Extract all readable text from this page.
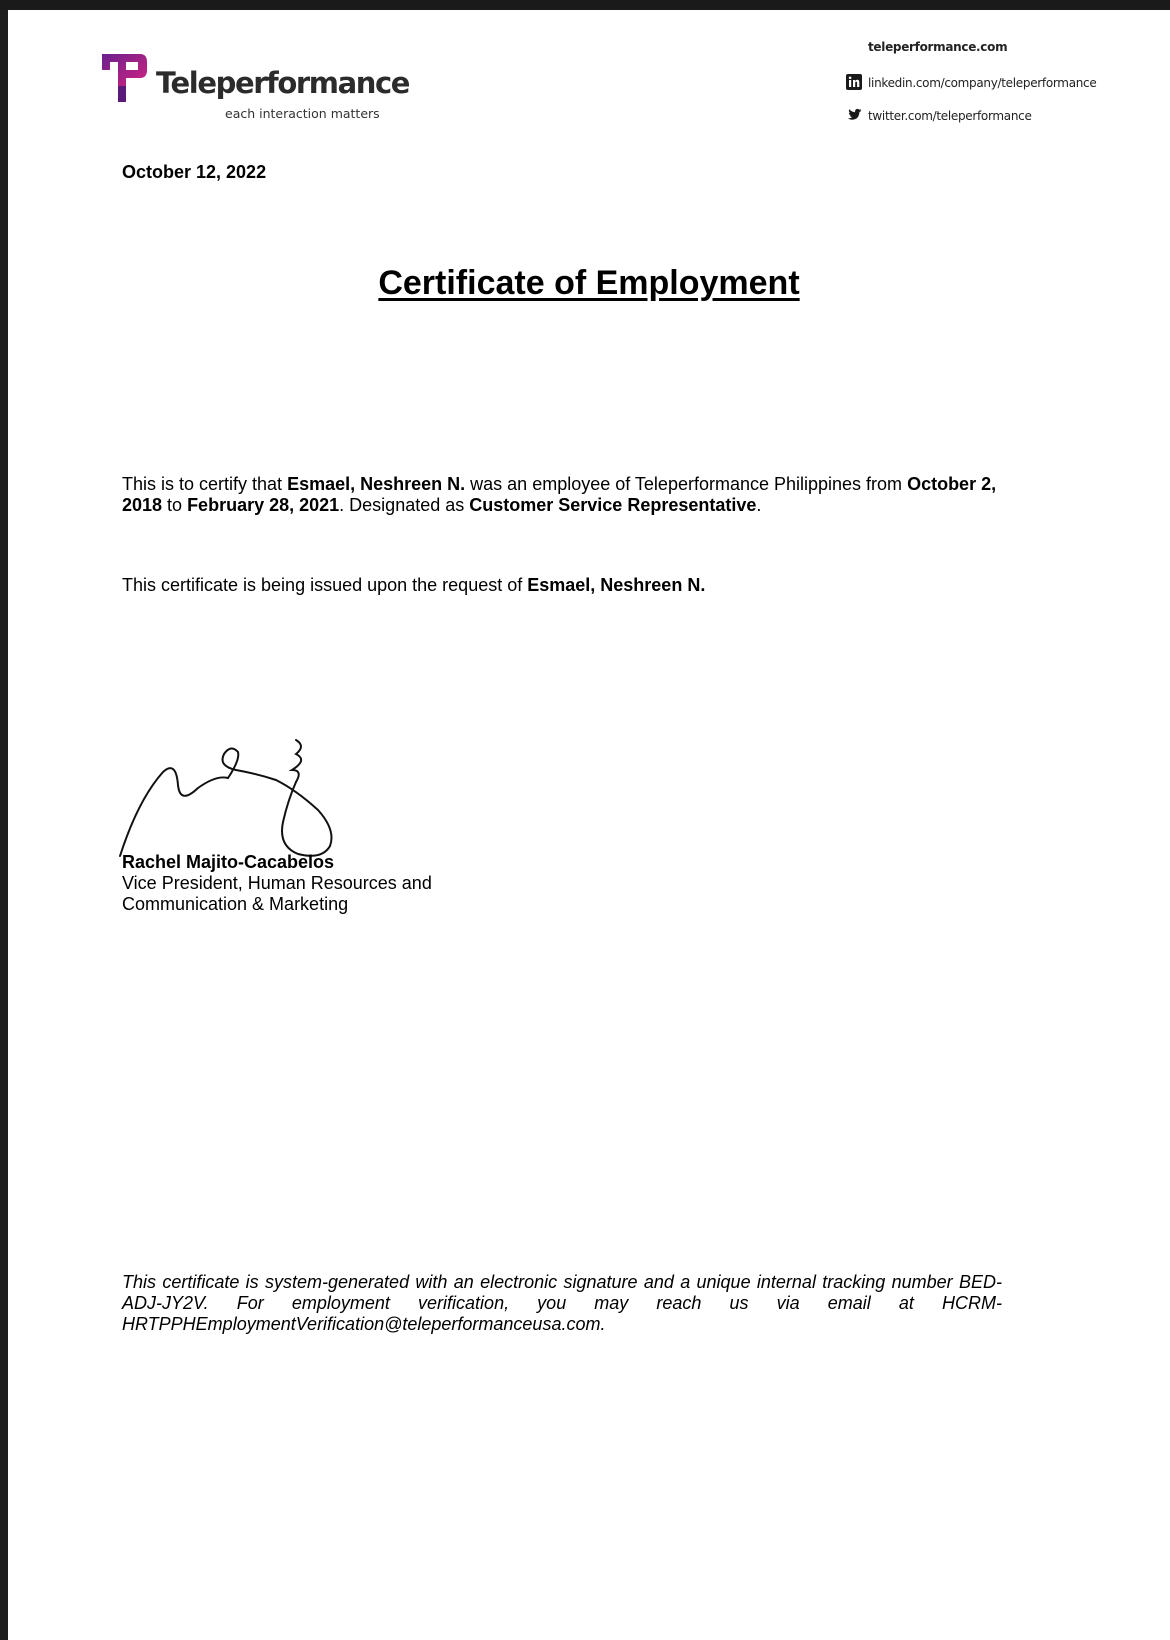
Teleperformance
each interaction matters
teleperformance.com
linkedin.com/company/teleperformance
twitter.com/teleperformance
October 12, 2022
Certificate of Employment
This is to certify that Esmael, Neshreen N. was an employee of Teleperformance Philippines from October 2, 2018 to February 28, 2021. Designated as Customer Service Representative.
This certificate is being issued upon the request of Esmael, Neshreen N.
Rachel Majito-Cacabelos
Vice President, Human Resources and
Communication & Marketing
This certificate is system-generated with an electronic signature and a unique internal tracking number BED-ADJ-JY2V. For employment verification, you may reach us via email at HCRM-HRTPPHEmploymentVerification@teleperformanceusa.com.
